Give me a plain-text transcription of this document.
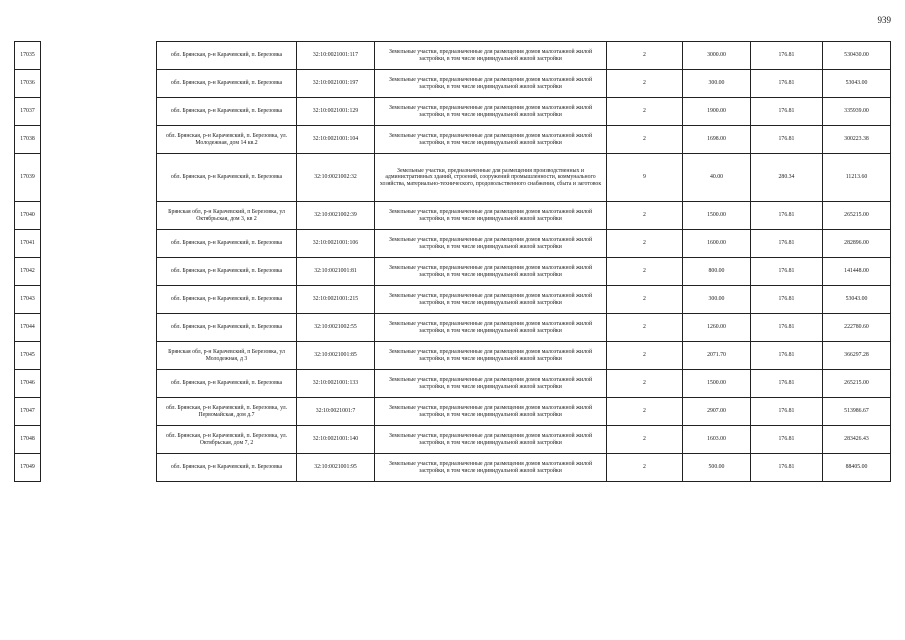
939
17035		обл. Брянская, р-н Карачевский, п. Березовка	32:10:0021001:117	Земельные участки, предназначенные для размещения домов малоэтажной жилой застройки, в том числе индивидуальной жилой застройки	2	3000.00	176.81	530430.00
17036		обл. Брянская, р-н Карачевский, п. Березовка	32:10:0021001:197	Земельные участки, предназначенные для размещения домов малоэтажной жилой застройки, в том числе индивидуальной жилой застройки	2	300.00	176.81	53043.00
17037		обл. Брянская, р-н Карачевский, п. Березовка	32:10:0021001:129	Земельные участки, предназначенные для размещения домов малоэтажной жилой застройки, в том числе индивидуальной жилой застройки	2	1900.00	176.81	335939.00
17038		обл. Брянская, р-н Карачевский, п. Березовка, ул. Молодежная, дом 14 кв.2	32:10:0021001:104	Земельные участки, предназначенные для размещения домов малоэтажной жилой застройки, в том числе индивидуальной жилой застройки	2	1698.00	176.81	300223.38
17039		обл. Брянская, р-н Карачевский, п. Березовка	32:10:0021002:32	Земельные участки, предназначенные для размещения производственных и административных зданий, строений, сооружений промышленности, коммунального хозяйства, материально-технического, продовольственного снабжения, сбыта и заготовок	9	40.00	280.34	11213.60
17040		Брянская обл, р-н Карачевский, п Березовка, ул Октябрьская, дом 3, кв 2	32:10:0021002:39	Земельные участки, предназначенные для размещения домов малоэтажной жилой застройки, в том числе индивидуальной жилой застройки	2	1500.00	176.81	265215.00
17041		обл. Брянская, р-н Карачевский, п. Березовка	32:10:0021001:106	Земельные участки, предназначенные для размещения домов малоэтажной жилой застройки, в том числе индивидуальной жилой застройки	2	1600.00	176.81	282896.00
17042		обл. Брянская, р-н Карачевский, п. Березовка	32:10:0021001:81	Земельные участки, предназначенные для размещения домов малоэтажной жилой застройки, в том числе индивидуальной жилой застройки	2	800.00	176.81	141448.00
17043		обл. Брянская, р-н Карачевский, п. Березовка	32:10:0021001:215	Земельные участки, предназначенные для размещения домов малоэтажной жилой застройки, в том числе индивидуальной жилой застройки	2	300.00	176.81	53043.00
17044		обл. Брянская, р-н Карачевский, п. Березовка	32:10:0021002:55	Земельные участки, предназначенные для размещения домов малоэтажной жилой застройки, в том числе индивидуальной жилой застройки	2	1260.00	176.81	222780.60
17045		Брянская обл, р-н Карачевский, п Березовка, ул Молодежная, д 3	32:10:0021001:85	Земельные участки, предназначенные для размещения домов малоэтажной жилой застройки, в том числе индивидуальной жилой застройки	2	2071.70	176.81	366297.28
17046		обл. Брянская, р-н Карачевский, п. Березовка	32:10:0021001:133	Земельные участки, предназначенные для размещения домов малоэтажной жилой застройки, в том числе индивидуальной жилой застройки	2	1500.00	176.81	265215.00
17047		обл. Брянская, р-н Карачевский, п. Березовка, ул. Первомайская, дом д.7	32:10:0021001:7	Земельные участки, предназначенные для размещения домов малоэтажной жилой застройки, в том числе индивидуальной жилой застройки	2	2907.00	176.81	513986.67
17048		обл. Брянская, р-н Карачевский, п. Березовка, ул. Октябрьская, дом 7, 2	32:10:0021001:140	Земельные участки, предназначенные для размещения домов малоэтажной жилой застройки, в том числе индивидуальной жилой застройки	2	1603.00	176.81	283426.43
17049		обл. Брянская, р-н Карачевский, п. Березовка	32:10:0021001:95	Земельные участки, предназначенные для размещения домов малоэтажной жилой застройки, в том числе индивидуальной жилой застройки	2	500.00	176.81	88405.00
